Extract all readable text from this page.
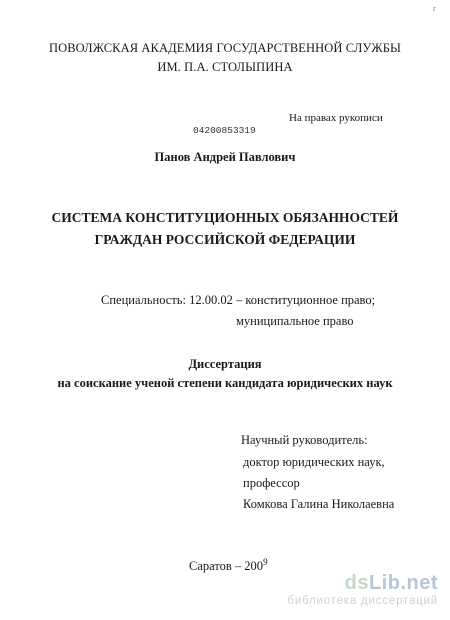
r
ПОВОЛЖСКАЯ АКАДЕМИЯ ГОСУДАРСТВЕННОЙ СЛУЖБЫ
ИМ. П.А. СТОЛЫПИНА
На правах рукописи
04200853319
Панов Андрей Павлович
СИСТЕМА КОНСТИТУЦИОННЫХ ОБЯЗАННОСТЕЙ
ГРАЖДАН РОССИЙСКОЙ ФЕДЕРАЦИИ
Специальность: 12.00.02 – конституционное право;
муниципальное право
Диссертация
на соискание ученой степени кандидата юридических наук
Научный руководитель:
доктор юридических наук,
профессор
Комкова Галина Николаевна
Саратов – $200^9$
dsLib.net
библиотека диссертаций
